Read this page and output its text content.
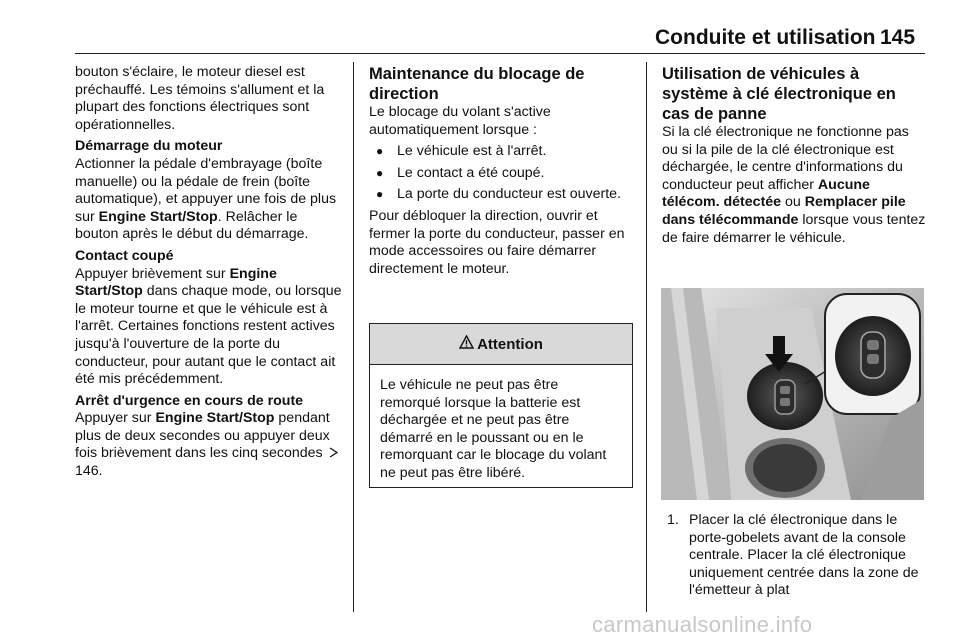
Conduite et utilisation 145

bouton s'éclaire, le moteur diesel est préchauffé. Les témoins s'allument et la plupart des fonctions électriques sont opérationnelles.

Démarrage du moteur

Actionner la pédale d'embrayage (boîte manuelle) ou la pédale de frein (boîte automatique), et appuyer une fois de plus sur Engine Start/Stop. Relâcher le bouton après le début du démarrage.

Contact coupé

Appuyer brièvement sur Engine Start/Stop dans chaque mode, ou lorsque le moteur tourne et que le véhicule est à l'arrêt. Certaines fonctions restent actives jusqu'à l'ouverture de la porte du conducteur, pour autant que le contact ait été mis précédemment.

Arrêt d'urgence en cours de route

Appuyer sur Engine Start/Stop pendant plus de deux secondes ou appuyer deux fois brièvement dans les cinq secondes  146.

Maintenance du blocage de direction

Le blocage du volant s'active automatiquement lorsque :

● Le véhicule est à l'arrêt.
● Le contact a été coupé.
● La porte du conducteur est ouverte.

Pour débloquer la direction, ouvrir et fermer la porte du conducteur, passer en mode accessoires ou faire démarrer directement le moteur.

Attention
Le véhicule ne peut pas être remorqué lorsque la batterie est déchargée et ne peut pas être démarré en le poussant ou en le remorquant car le blocage du volant ne peut pas être libéré.

Utilisation de véhicules à système à clé électronique en cas de panne

Si la clé électronique ne fonctionne pas ou si la pile de la clé électronique est déchargée, le centre d'informations du conducteur peut afficher Aucune télécom. détectée ou Remplacer pile dans télécommande lorsque vous tentez de faire démarrer le véhicule.

1. Placer la clé électronique dans le porte-gobelets avant de la console centrale. Placer la clé électronique uniquement centrée dans la zone de l'émetteur à plat
carmanualsonline.info
